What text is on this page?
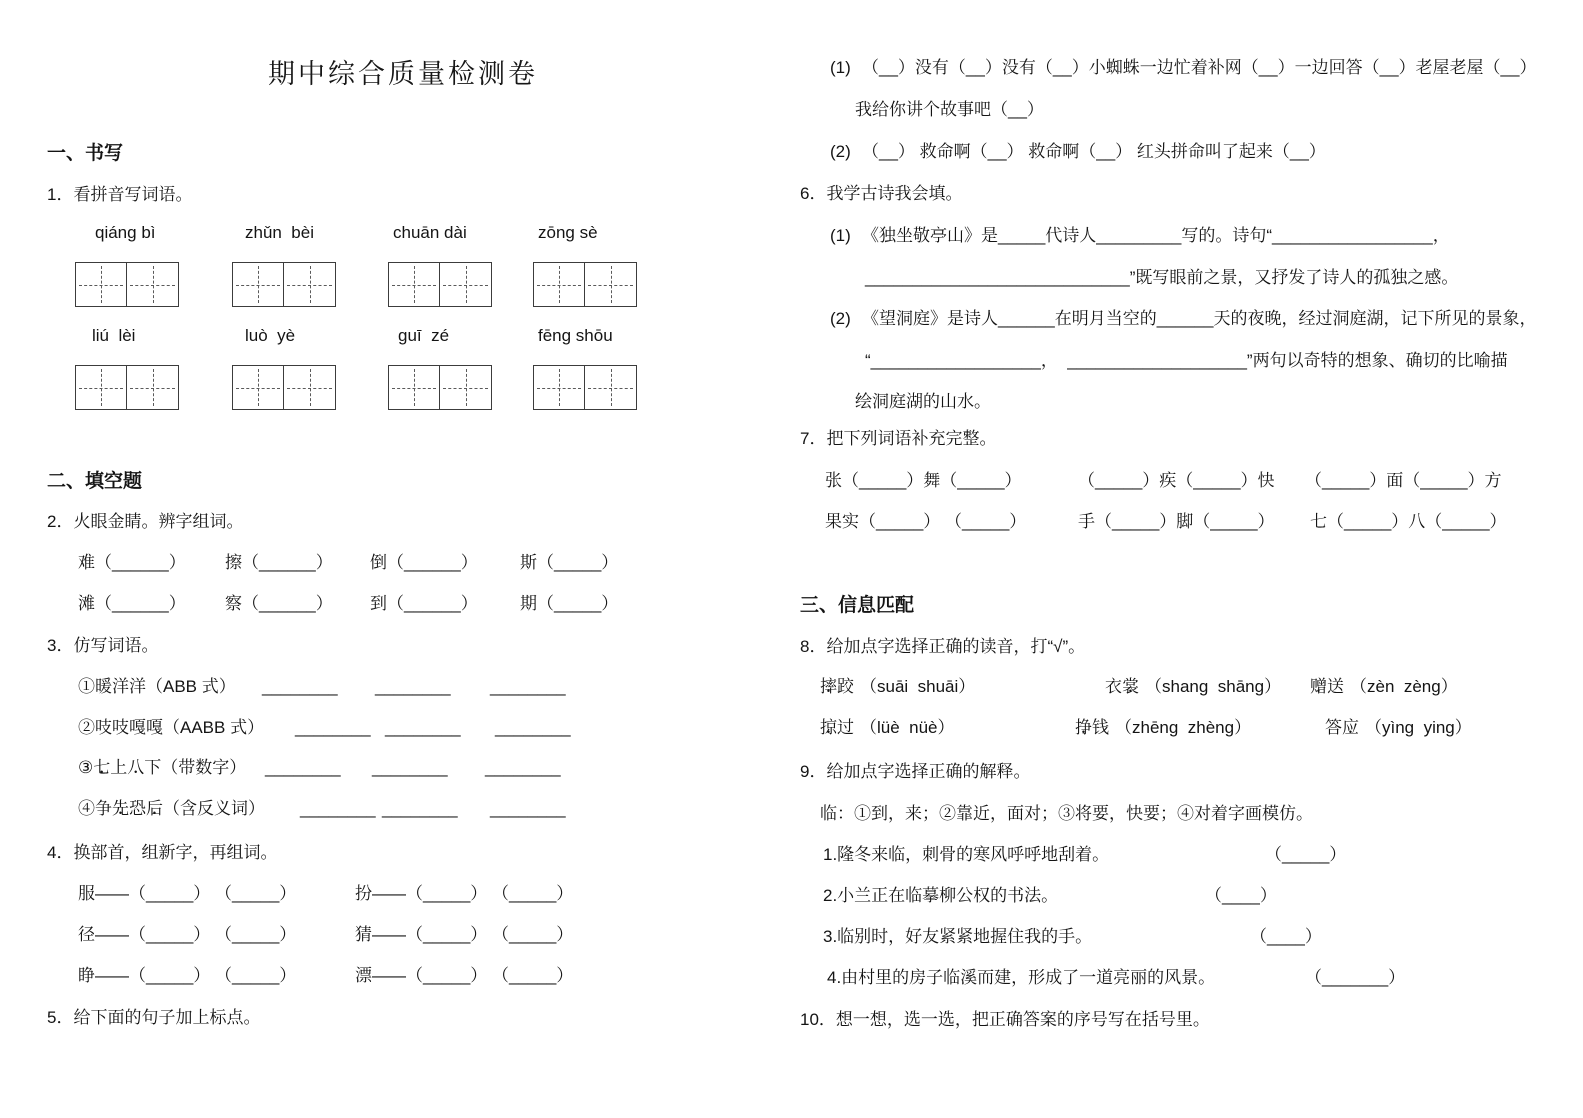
期中综合质量检测卷
一、书写
1．看拼音写词语。
qiáng bì	zhǔn  bèi	chuān dài	zōng sè
liú  lèi	luò  yè	guī  zé	fēng shōu
二、填空题
2．火眼金睛。辨字组词。
难（______） 擦（______） 倒（______） 斯（_____）
滩（______） 察（______） 到（______） 期（_____）
3．仿写词语。
①暖洋洋（ABB 式） ________ ________ ________
②吱吱嘎嘎（AABB 式） ________ ________ ________
③七 •上八 •下（带数字） ________ ________ ________
④争先 •恐后 •（含反义词） ________ ________ ________
4．换部首，组新字，再组词。
服——（_____） （_____）	扮——（_____） （_____）
径——（_____） （_____）	猜——（_____） （_____）
睁——（_____） （_____）	漂——（_____） （_____）
5．给下面的句子加上标点。
(1) （__）没有（__）没有（__）小蜘蛛一边忙着补网（__）一边回答（__）老屋老屋（__）
我给你讲个故事吧（__）
(2) （__） 救命啊（__） 救命啊（__） 红头拼命叫了起来（__）
6．我学古诗我会填。
(1) 《独坐敬亭山》是_____代诗人_________写的。诗句“_________________，
____________________________”既写眼前之景，又抒发了诗人的孤独之感。
(2) 《望洞庭》是诗人______在明月当空的______天的夜晚，经过洞庭湖，记下所见的景象，
“__________________，  ___________________”两句以奇特的想象、确切的比喻描
绘洞庭湖的山水。
7．把下列词语补充完整。
张（_____）舞（_____）	（_____）疾（_____）快 （_____）面（_____）方
果实（_____） （_____）	手（_____）脚（_____） 七（_____）八（_____）
三、信息匹配
8．给加点字选择正确的读音，打“√”。
摔 •跤 （suāi  shuāi）	衣裳 • （shang  shāng） 赠 •送 （zèn  zèng）
掠 •过 （lüè  nüè）	挣 •钱 （zhēng  zhèng）	答应 • （yìng  ying）
9．给加点字选择正确的解释。
临：①到，来；②靠近，面对；③将要，快要；④对着字画模仿。
1.隆冬来临，刺骨的寒风呼呼地刮着。	（_____）
2.小兰正在临摹柳公权的书法。	（____）
3.临别时，好友紧紧地握住我的手。	（____）
4.由村里的房子临溪而建，形成了一道亮丽的风景。	（_______）
10．想一想，选一选，把正确答案的序号写在括号里。
